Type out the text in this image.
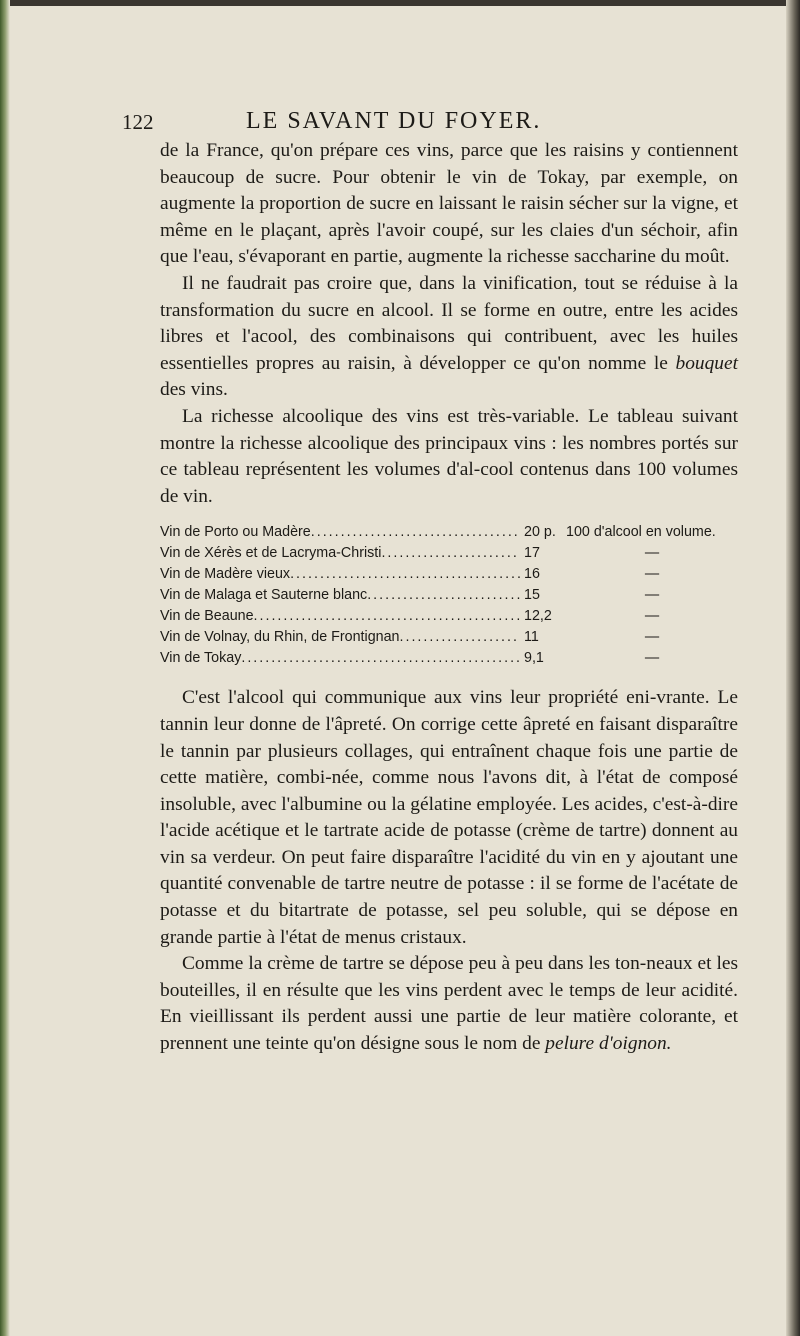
122	LE SAVANT DU FOYER.

de la France, qu'on prépare ces vins, parce que les raisins y contiennent beaucoup de sucre. Pour obtenir le vin de Tokay, par exemple, on augmente la proportion de sucre en laissant le raisin sécher sur la vigne, et même en le plaçant, après l'avoir coupé, sur les claies d'un séchoir, afin que l'eau, s'évaporant en partie, augmente la richesse saccharine du moût.

Il ne faudrait pas croire que, dans la vinification, tout se réduise à la transformation du sucre en alcool. Il se forme en outre, entre les acides libres et l'acool, des combinaisons qui contribuent, avec les huiles essentielles propres au raisin, à développer ce qu'on nomme le bouquet des vins.

La richesse alcoolique des vins est très-variable. Le tableau suivant montre la richesse alcoolique des principaux vins : les nombres portés sur ce tableau représentent les volumes d'al-cool contenus dans 100 volumes de vin.

Vin de Porto ou Madère .....	20 p. 100 d'alcool en volume.
Vin de Xérès et de Lacryma-Christi .....	17	—
Vin de Madère vieux .....	16	—
Vin de Malaga et Sauterne blanc .....	15	—
Vin de Beaune .....	12,2	—
Vin de Volnay, du Rhin, de Frontignan .....	11	—
Vin de Tokay .....	9,1	—

C'est l'alcool qui communique aux vins leur propriété eni-vrante. Le tannin leur donne de l'âpreté. On corrige cette âpreté en faisant disparaître le tannin par plusieurs collages, qui entraînent chaque fois une partie de cette matière, combi-née, comme nous l'avons dit, à l'état de composé insoluble, avec l'albumine ou la gélatine employée. Les acides, c'est-à-dire l'acide acétique et le tartrate acide de potasse (crème de tartre) donnent au vin sa verdeur. On peut faire disparaître l'acidité du vin en y ajoutant une quantité convenable de tartre neutre de potasse : il se forme de l'acétate de potasse et du bitartrate de potasse, sel peu soluble, qui se dépose en grande partie à l'état de menus cristaux.

Comme la crème de tartre se dépose peu à peu dans les ton-neaux et les bouteilles, il en résulte que les vins perdent avec le temps de leur acidité. En vieillissant ils perdent aussi une partie de leur matière colorante, et prennent une teinte qu'on désigne sous le nom de pelure d'oignon.
